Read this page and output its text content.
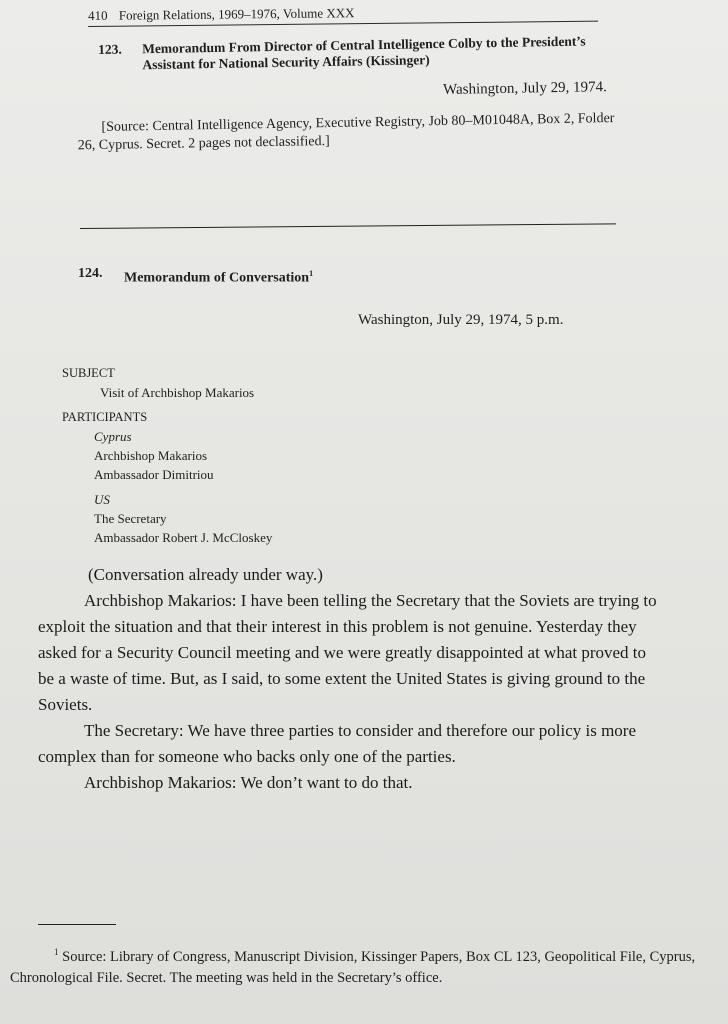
410 Foreign Relations, 1969–1976, Volume XXX
123.	Memorandum From Director of Central Intelligence Colby to the President’s Assistant for National Security Affairs (Kissinger)
Washington, July 29, 1974.
[Source: Central Intelligence Agency, Executive Registry, Job 80–M01048A, Box 2, Folder 26, Cyprus. Secret. 2 pages not declassified.]
124.	Memorandum of Conversation$^1$
Washington, July 29, 1974, 5 p.m.
SUBJECT
Visit of Archbishop Makarios
PARTICIPANTS
Cyprus
Archbishop Makarios
Ambassador Dimitriou
US
The Secretary
Ambassador Robert J. McCloskey

(Conversation already under way.)

Archbishop Makarios: I have been telling the Secretary that the Soviets are trying to exploit the situation and that their interest in this problem is not genuine. Yesterday they asked for a Security Council meeting and we were greatly disappointed at what proved to be a waste of time. But, as I said, to some extent the United States is giving ground to the Soviets.

The Secretary: We have three parties to consider and therefore our policy is more complex than for someone who backs only one of the parties.

Archbishop Makarios: We don’t want to do that.

$^1$ Source: Library of Congress, Manuscript Division, Kissinger Papers, Box CL 123, Geopolitical File, Cyprus, Chronological File. Secret. The meeting was held in the Secretary’s office.
